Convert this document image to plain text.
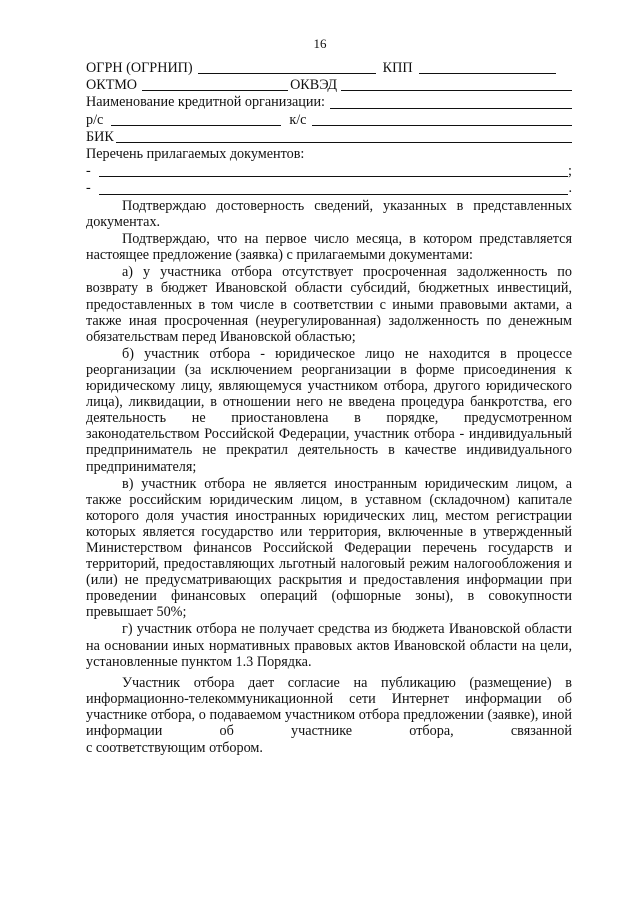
16
ОГРН (ОГРНИП)	КПП
ОКТМО	ОКВЭД
Наименование кредитной организации:
р/с	к/с
БИК
Перечень прилагаемых документов:
-	;
-	.

Подтверждаю достоверность сведений, указанных в представленных документах.

Подтверждаю, что на первое число месяца, в котором представляется настоящее предложение (заявка) с прилагаемыми документами:

а) у участника отбора отсутствует просроченная задолженность по возврату в бюджет Ивановской области субсидий, бюджетных инвестиций, предоставленных в том числе в соответствии с иными правовыми актами, а также иная просроченная (неурегулированная) задолженность по денежным обязательствам перед Ивановской областью;

б) участник отбора - юридическое лицо не находится в процессе реорганизации (за исключением реорганизации в форме присоединения к юридическому лицу, являющемуся участником отбора, другого юридического лица), ликвидации, в отношении него не введена процедура банкротства, его деятельность не приостановлена в порядке, предусмотренном законодательством Российской Федерации, участник отбора - индивидуальный предприниматель не прекратил деятельность в качестве индивидуального предпринимателя;

в) участник отбора не является иностранным юридическим лицом, а также российским юридическим лицом, в уставном (складочном) капитале которого доля участия иностранных юридических лиц, местом регистрации которых является государство или территория, включенные в утвержденный Министерством финансов Российской Федерации перечень государств и территорий, предоставляющих льготный налоговый режим налогообложения и (или) не предусматривающих раскрытия и предоставления информации при проведении финансовых операций (офшорные зоны), в совокупности превышает 50%;

г) участник отбора не получает средства из бюджета Ивановской области на основании иных нормативных правовых актов Ивановской области на цели, установленные пунктом 1.3 Порядка.

Участник отбора дает согласие на публикацию (размещение) в информационно-телекоммуникационной сети Интернет информации об участнике отбора, о подаваемом участником отбора предложении (заявке), иной информации об участнике отбора, связанной

с соответствующим отбором.
